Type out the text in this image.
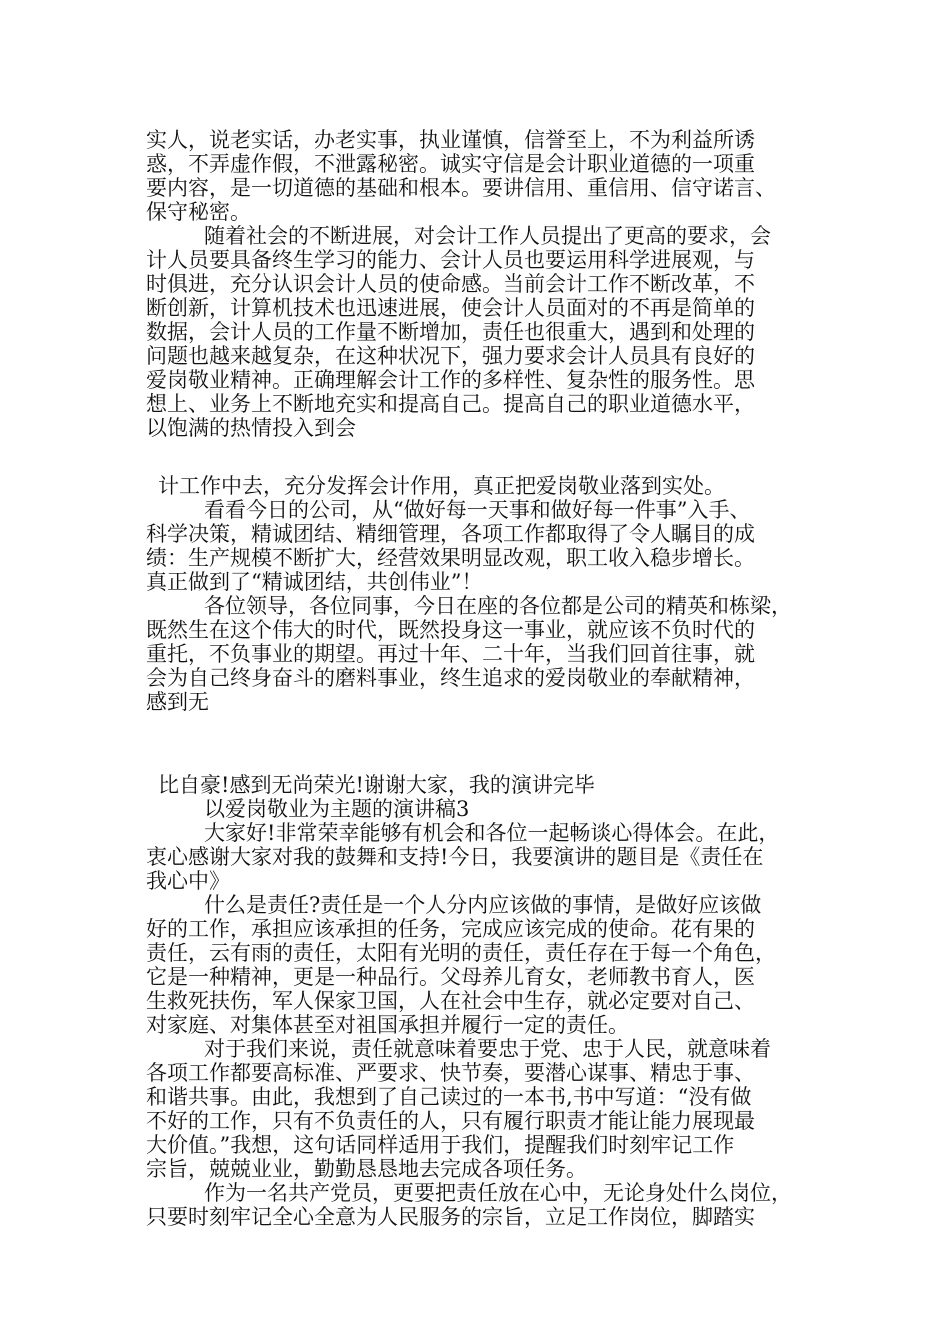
实人，说老实话，办老实事，执业谨慎，信誉至上，不为利益所诱
惑，不弄虚作假，不泄露秘密。诚实守信是会计职业道德的一项重
要内容，是一切道德的基础和根本。要讲信用、重信用、信守诺言、
保守秘密。
随着社会的不断进展，对会计工作人员提出了更高的要求，会
计人员要具备终生学习的能力、会计人员也要运用科学进展观，与
时俱进，充分认识会计人员的使命感。当前会计工作不断改革，不
断创新，计算机技术也迅速进展，使会计人员面对的不再是简单的
数据，会计人员的工作量不断增加，责任也很重大，遇到和处理的
问题也越来越复杂，在这种状况下，强力要求会计人员具有良好的
爱岗敬业精神。正确理解会计工作的多样性、复杂性的服务性。思
想上、业务上不断地充实和提高自己。提高自己的职业道德水平，
以饱满的热情投入到会
计工作中去，充分发挥会计作用，真正把爱岗敬业落到实处。
看看今日的公司，从“做好每一天事和做好每一件事”入手、
科学决策，精诚团结、精细管理，各项工作都取得了令人瞩目的成
绩：生产规模不断扩大，经营效果明显改观，职工收入稳步增长。
真正做到了“精诚团结，共创伟业”！
各位领导，各位同事，今日在座的各位都是公司的精英和栋梁，
既然生在这个伟大的时代，既然投身这一事业，就应该不负时代的
重托，不负事业的期望。再过十年、二十年，当我们回首往事，就
会为自己终身奋斗的磨料事业，终生追求的爱岗敬业的奉献精神，
感到无
比自豪!感到无尚荣光!谢谢大家，我的演讲完毕
以爱岗敬业为主题的演讲稿3
大家好!非常荣幸能够有机会和各位一起畅谈心得体会。在此，
衷心感谢大家对我的鼓舞和支持!今日，我要演讲的题目是《责任在
我心中》
什么是责任?责任是一个人分内应该做的事情，是做好应该做
好的工作，承担应该承担的任务，完成应该完成的使命。花有果的
责任，云有雨的责任，太阳有光明的责任，责任存在于每一个角色，
它是一种精神，更是一种品行。父母养儿育女，老师教书育人，医
生救死扶伤，军人保家卫国，人在社会中生存，就必定要对自己、
对家庭、对集体甚至对祖国承担并履行一定的责任。
对于我们来说，责任就意味着要忠于党、忠于人民，就意味着
各项工作都要高标准、严要求、快节奏，要潜心谋事、精忠于事、
和谐共事。由此，我想到了自己读过的一本书,书中写道：“没有做
不好的工作，只有不负责任的人，只有履行职责才能让能力展现最
大价值。”我想，这句话同样适用于我们，提醒我们时刻牢记工作
宗旨，兢兢业业，勤勤恳恳地去完成各项任务。
作为一名共产党员，更要把责任放在心中，无论身处什么岗位，
只要时刻牢记全心全意为人民服务的宗旨，立足工作岗位，脚踏实
